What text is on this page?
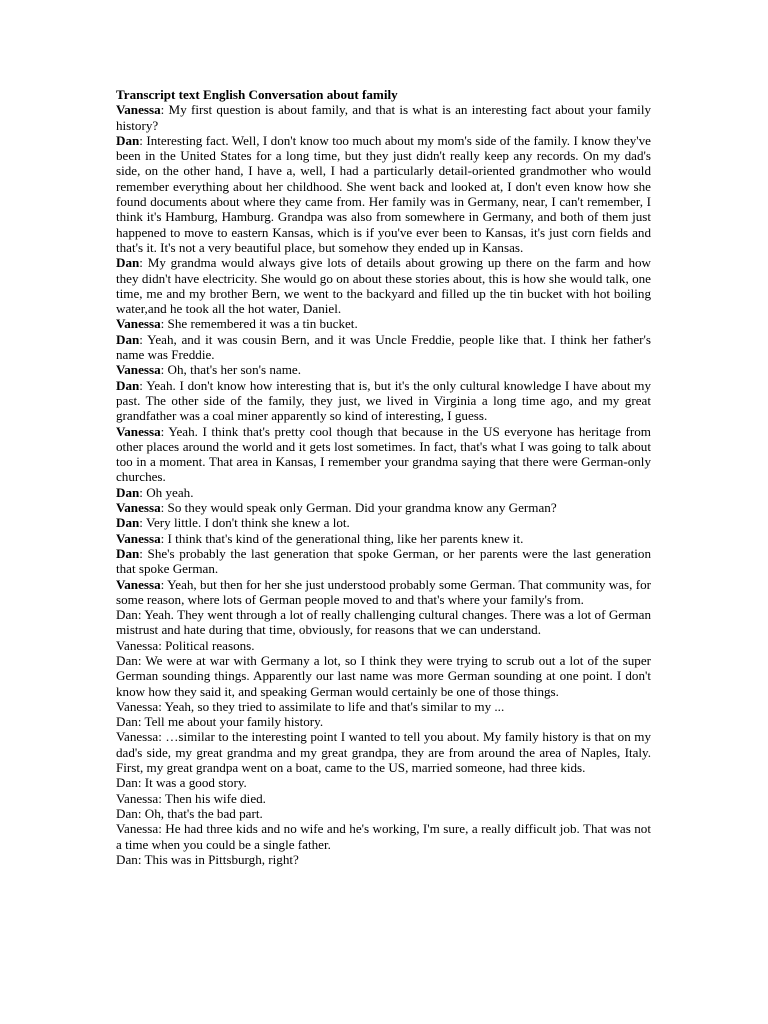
Transcript text English Conversation about family

Vanessa: My first question is about family, and that is what is an interesting fact about your family history?

Dan: Interesting fact. Well, I don't know too much about my mom's side of the family. I know they've been in the United States for a long time, but they just didn't really keep any records. On my dad's side, on the other hand, I have a, well, I had a particularly detail-oriented grandmother who would remember everything about her childhood. She went back and looked at, I don't even know how she found documents about where they came from. Her family was in Germany, near, I can't remember, I think it's Hamburg, Hamburg. Grandpa was also from somewhere in Germany, and both of them just happened to move to eastern Kansas, which is if you've ever been to Kansas, it's just corn fields and that's it. It's not a very beautiful place, but somehow they ended up in Kansas.

Dan: My grandma would always give lots of details about growing up there on the farm and how they didn't have electricity. She would go on about these stories about, this is how she would talk, one time, me and my brother Bern, we went to the backyard and filled up the tin bucket with hot boiling water,and he took all the hot water, Daniel.

Vanessa: She remembered it was a tin bucket.

Dan: Yeah, and it was cousin Bern, and it was Uncle Freddie, people like that. I think her father's name was Freddie.

Vanessa: Oh, that's her son's name.

Dan: Yeah. I don't know how interesting that is, but it's the only cultural knowledge I have about my past. The other side of the family, they just, we lived in Virginia a long time ago, and my great grandfather was a coal miner apparently so kind of interesting, I guess.

Vanessa: Yeah. I think that's pretty cool though that because in the US everyone has heritage from other places around the world and it gets lost sometimes. In fact, that's what I was going to talk about too in a moment. That area in Kansas, I remember your grandma saying that there were German-only churches.

Dan: Oh yeah.

Vanessa: So they would speak only German. Did your grandma know any German?

Dan: Very little. I don't think she knew a lot.

Vanessa: I think that's kind of the generational thing, like her parents knew it.

Dan: She's probably the last generation that spoke German, or her parents were the last generation that spoke German.

Vanessa: Yeah, but then for her she just understood probably some German. That community was, for some reason, where lots of German people moved to and that's where your family's from.

Dan: Yeah. They went through a lot of really challenging cultural changes. There was a lot of German mistrust and hate during that time, obviously, for reasons that we can understand.

Vanessa: Political reasons.

Dan: We were at war with Germany a lot, so I think they were trying to scrub out a lot of the super German sounding things. Apparently our last name was more German sounding at one point. I don't know how they said it, and speaking German would certainly be one of those things.

Vanessa: Yeah, so they tried to assimilate to life and that's similar to my ...

Dan: Tell me about your family history.

Vanessa: …similar to the interesting point I wanted to tell you about. My family history is that on my dad's side, my great grandma and my great grandpa, they are from around the area of Naples, Italy. First, my great grandpa went on a boat, came to the US, married someone, had three kids.

Dan: It was a good story.

Vanessa: Then his wife died.

Dan: Oh, that's the bad part.

Vanessa: He had three kids and no wife and he's working, I'm sure, a really difficult job. That was not a time when you could be a single father.

Dan: This was in Pittsburgh, right?
